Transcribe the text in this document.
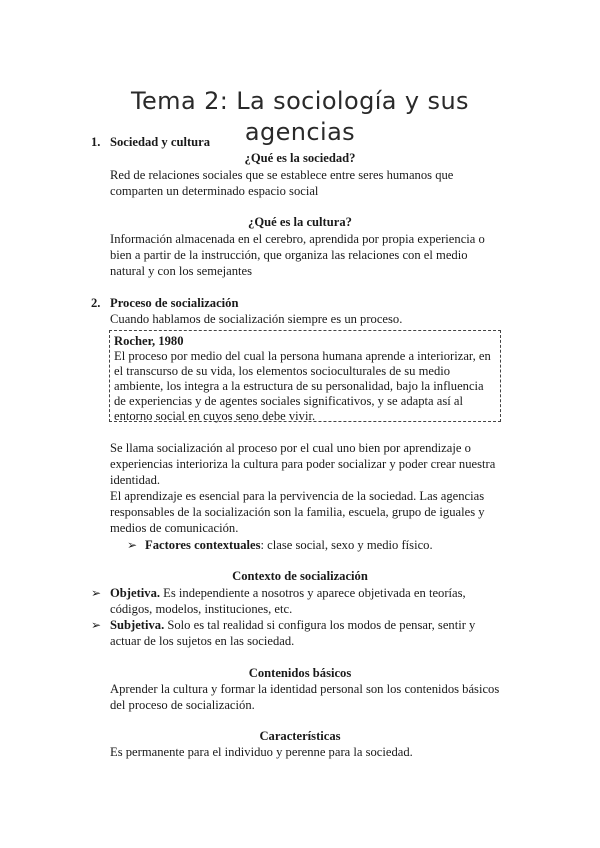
Tema 2: La sociología y sus
agencias
1. Sociedad y cultura
¿Qué es la sociedad?
Red de relaciones sociales que se establece entre seres humanos que
comparten un determinado espacio social
¿Qué es la cultura?
Información almacenada en el cerebro, aprendida por propia experiencia o
bien a partir de la instrucción, que organiza las relaciones con el medio
natural y con los semejantes
2. Proceso de socialización
Cuando hablamos de socialización siempre es un proceso.
Rocher, 1980
El proceso por medio del cual la persona humana aprende a interiorizar, en
el transcurso de su vida, los elementos socioculturales de su medio
ambiente, los integra a la estructura de su personalidad, bajo la influencia
de experiencias y de agentes sociales significativos, y se adapta así al
entorno social en cuyos seno debe vivir.
Se llama socialización al proceso por el cual uno bien por aprendizaje o
experiencias interioriza la cultura para poder socializar y poder crear nuestra
identidad.
El aprendizaje es esencial para la pervivencia de la sociedad. Las agencias
responsables de la socialización son la familia, escuela, grupo de iguales y
medios de comunicación.
➢ Factores contextuales: clase social, sexo y medio físico.
Contexto de socialización
➢ Objetiva. Es independiente a nosotros y aparece objetivada en teorías,
códigos, modelos, instituciones, etc.
➢ Subjetiva. Solo es tal realidad si configura los modos de pensar, sentir y
actuar de los sujetos en las sociedad.
Contenidos básicos
Aprender la cultura y formar la identidad personal son los contenidos básicos
del proceso de socialización.
Características
Es permanente para el individuo y perenne para la sociedad.
